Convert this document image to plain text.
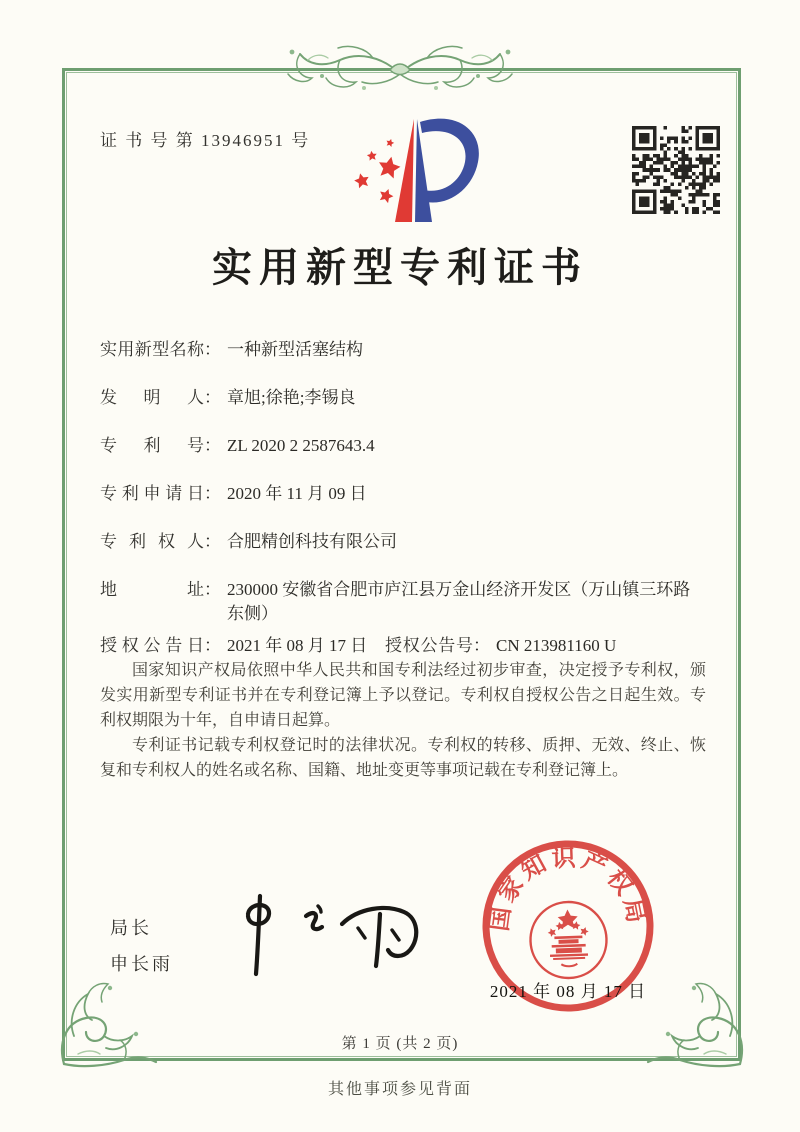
证 书 号 第 13946951 号
实用新型专利证书
实用新型名称 ： 一种新型活塞结构
发明人 ： 章旭;徐艳;李锡良
专利号 ： ZL 2020 2 2587643.4
专利申请日 ： 2020 年 11 月 09 日
专利权人 ： 合肥精创科技有限公司
地址 ： 230000 安徽省合肥市庐江县万金山经济开发区（万山镇三环路东侧）
授权公告日 ： 2021 年 08 月 17 日 授权公告号 ： CN 213981160 U

国家知识产权局依照中华人民共和国专利法经过初步审查，决定授予专利权，颁发实用新型专利证书并在专利登记簿上予以登记。专利权自授权公告之日起生效。专利权期限为十年，自申请日起算。

专利证书记载专利权登记时的法律状况。专利权的转移、质押、无效、终止、恢复和专利权人的姓名或名称、国籍、地址变更等事项记载在专利登记簿上。

局长
申长雨
国家知识产权局
2021 年 08 月 17 日
第 1 页 (共 2 页)
其他事项参见背面
